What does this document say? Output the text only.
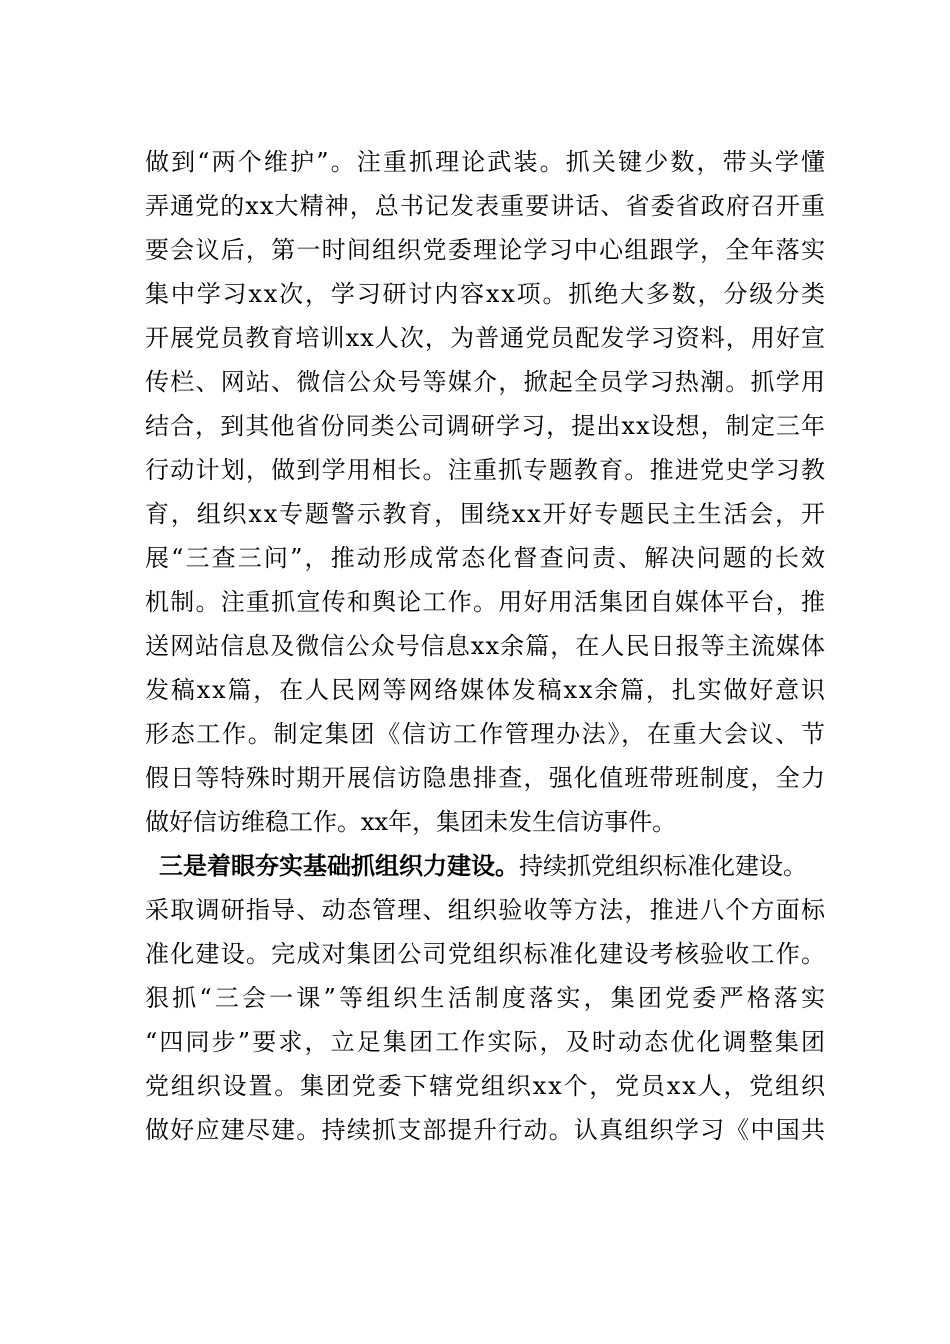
做到“两个维护”。注重抓理论武装。抓关键少数，带头学懂
弄通党的xx大精神，总书记发表重要讲话、省委省政府召开重
要会议后，第一时间组织党委理论学习中心组跟学，全年落实
集中学习xx次，学习研讨内容xx项。抓绝大多数，分级分类
开展党员教育培训xx人次，为普通党员配发学习资料，用好宣
传栏、网站、微信公众号等媒介，掀起全员学习热潮。抓学用
结合，到其他省份同类公司调研学习，提出xx设想，制定三年
行动计划，做到学用相长。注重抓专题教育。推进党史学习教
育，组织xx专题警示教育，围绕xx开好专题民主生活会，开
展“三查三问”，推动形成常态化督查问责、解决问题的长效
机制。注重抓宣传和舆论工作。用好用活集团自媒体平台，推
送网站信息及微信公众号信息xx余篇，在人民日报等主流媒体
发稿xx篇，在人民网等网络媒体发稿xx余篇，扎实做好意识
形态工作。制定集团《信访工作管理办法》，在重大会议、节
假日等特殊时期开展信访隐患排查，强化值班带班制度，全力
做好信访维稳工作。xx年，集团未发生信访事件。
三是着眼夯实基础抓组织力建设。 持续抓党组织标准化建设。
采取调研指导、动态管理、组织验收等方法，推进八个方面标
准化建设。完成对集团公司党组织标准化建设考核验收工作。
狠抓“三会一课”等组织生活制度落实，集团党委严格落实
“四同步”要求，立足集团工作实际，及时动态优化调整集团
党组织设置。集团党委下辖党组织xx个，党员xx人，党组织
做好应建尽建。持续抓支部提升行动。认真组织学习《中国共
